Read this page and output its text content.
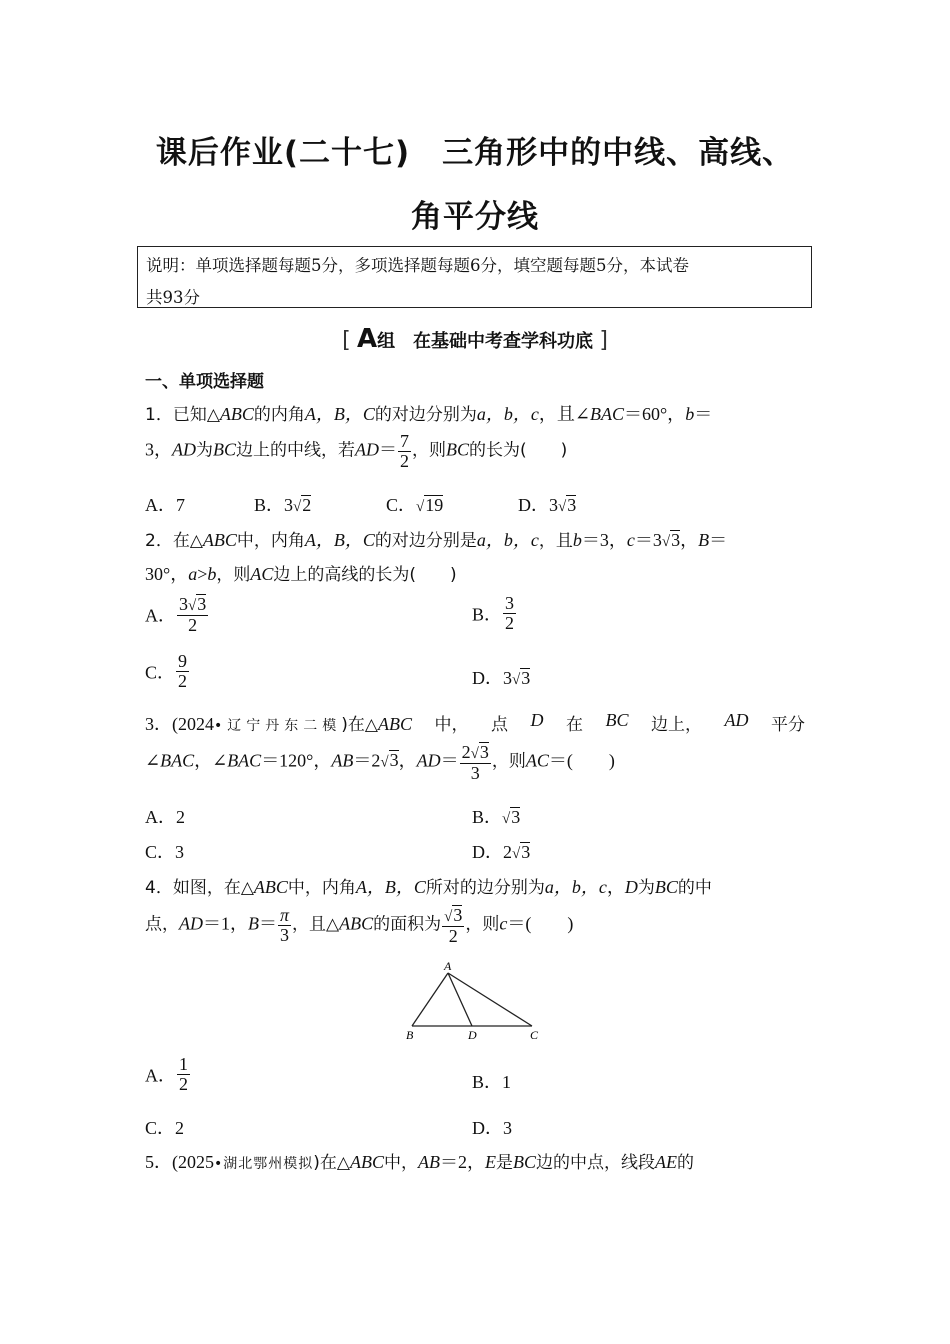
课后作业(二十七)　三角形中的中线、高线、
角平分线
说明：单项选择题每题5分，多项选择题每题6分，填空题每题5分，本试卷
共93分
[ A组　在基础中考查学科功底 ]
一、单项选择题
1．已知△ABC的内角A，B，C的对边分别为a，b，c，且∠BAC＝60°，b＝
3，AD为BC边上的中线，若$AD= \frac{7}{2}$ ，则BC的长为(　　)
A．7	B．3√2	C．√19	D．3√3
2．在△ABC中，内角A，B，C的对边分别是a，b，c，且b＝3，c＝3√3，B＝
30°，a>b，则AC边上的高线的长为(　　)
A． $\frac{3√3}{2}$	B． $\frac{3}{2}$
C． $\frac{9}{2}$	D．3√3
3．(2024•辽宁丹东二模)在△ABC 中， 点 D 在 BC 边上， AD 平分
∠BAC，∠BAC＝120°，AB＝2√3，$AD= \frac{2√3}{3}$ ，则AC＝(　　)
A．2	B．√3
C．3	D．2√3
4．如图，在△ABC中，内角A，B，C所对的边分别为a，b，c，D为BC的中
点，AD＝1，$B= \frac{\pi}{3}$ ，且△ABC的面积为 $\frac{√3}{2}$ ，则c＝(　　)
A
B	D	C
A． $\frac{1}{2}$	B．1
C．2	D．3
5．(2025•湖北鄂州模拟)在△ABC中，AB＝2，E是BC边的中点，线段AE的
